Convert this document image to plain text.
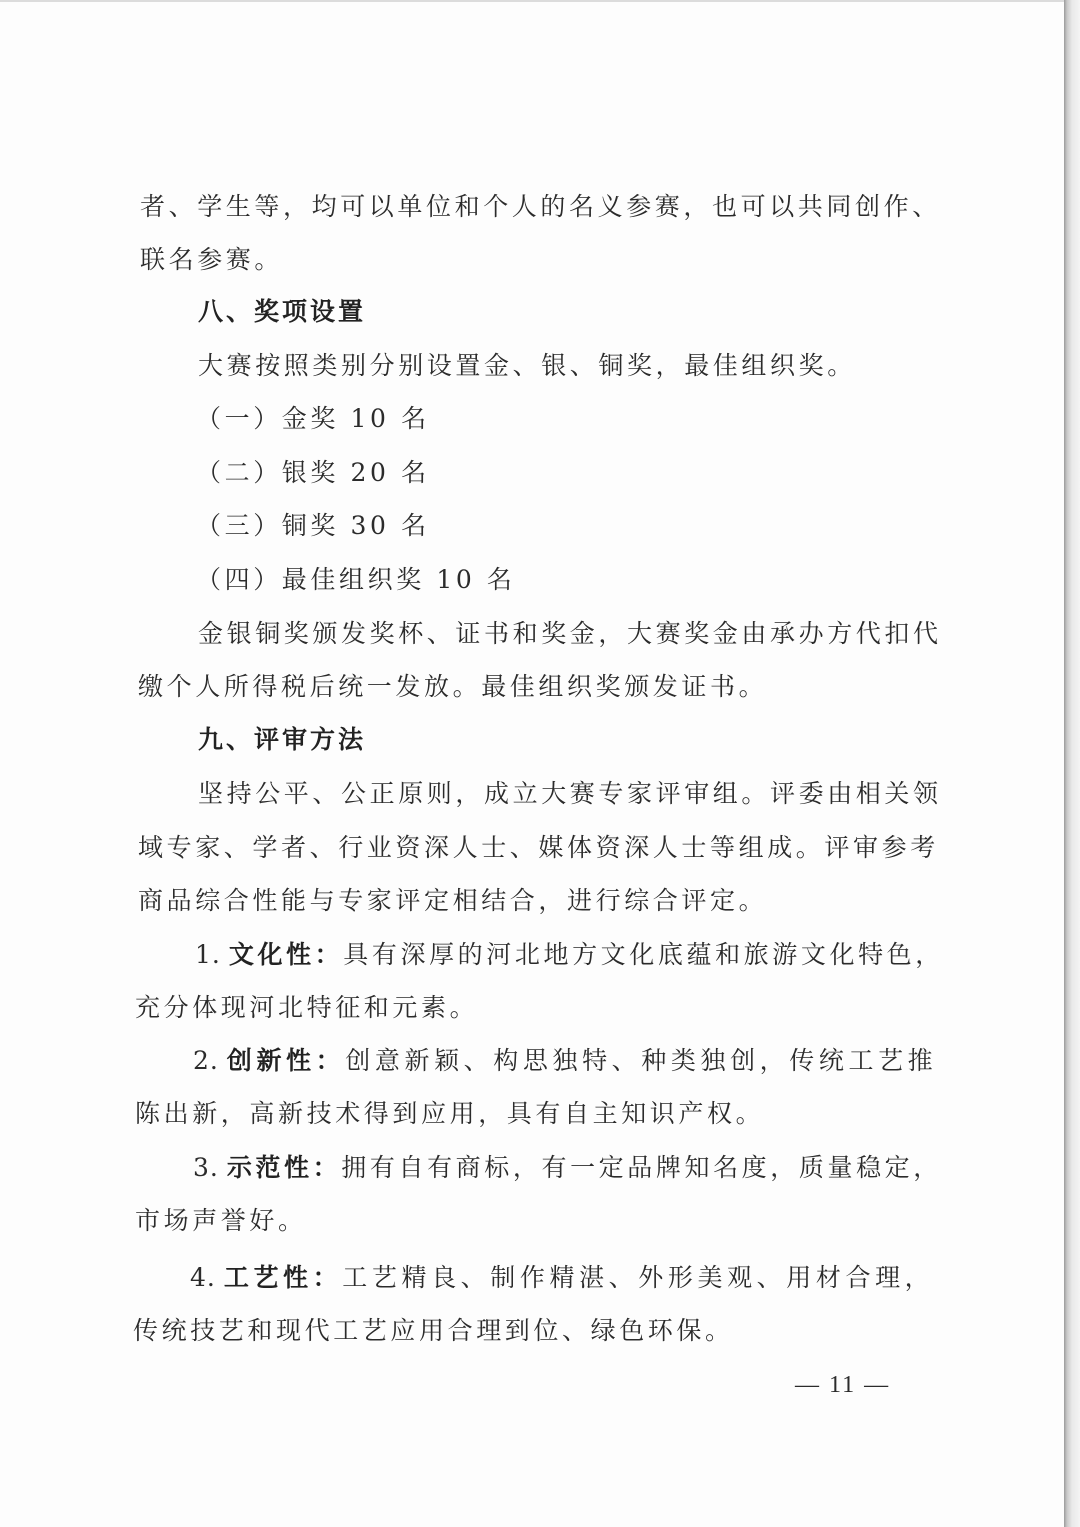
者、学生等，均可以单位和个人的名义参赛，也可以共同创作、
联名参赛。
八、奖项设置
大赛按照类别分别设置金、银、铜奖，最佳组织奖。
（一）金奖 10 名
（二）银奖 20 名
（三）铜奖 30 名
（四）最佳组织奖 10 名
金银铜奖颁发奖杯、证书和奖金，大赛奖金由承办方代扣代
缴个人所得税后统一发放。最佳组织奖颁发证书。
九、评审方法
坚持公平、公正原则，成立大赛专家评审组。评委由相关领
域专家、学者、行业资深人士、媒体资深人士等组成。评审参考
商品综合性能与专家评定相结合，进行综合评定。
1. 文化性：具有深厚的河北地方文化底蕴和旅游文化特色，
充分体现河北特征和元素。
2. 创新性：创意新颖、构思独特、种类独创，传统工艺推
陈出新，高新技术得到应用，具有自主知识产权。
3. 示范性：拥有自有商标，有一定品牌知名度，质量稳定，
市场声誉好。
4. 工艺性：工艺精良、制作精湛、外形美观、用材合理，
传统技艺和现代工艺应用合理到位、绿色环保。
— 11 —
